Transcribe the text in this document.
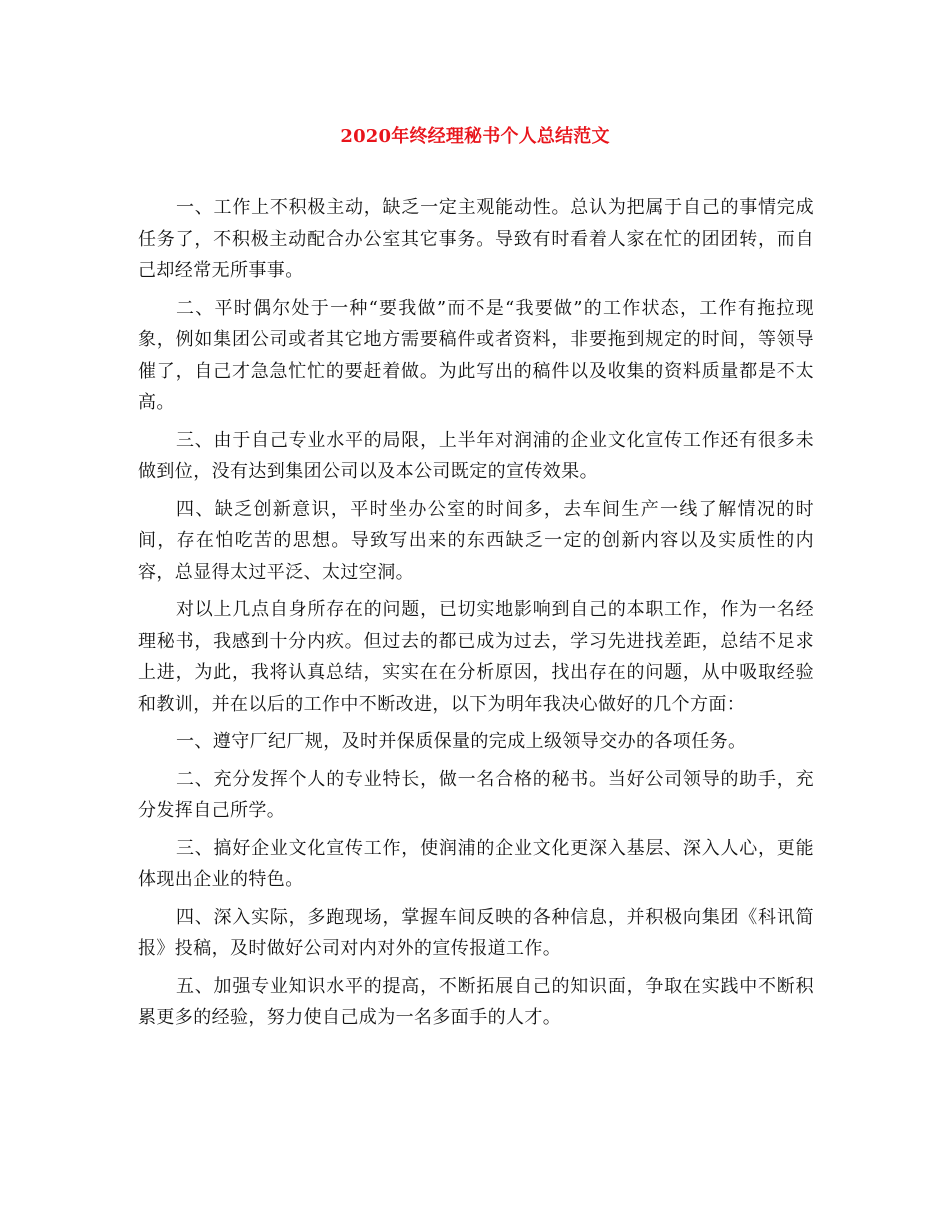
2020年终经理秘书个人总结范文

一、工作上不积极主动，缺乏一定主观能动性。总认为把属于自己的事情完成任务了，不积极主动配合办公室其它事务。导致有时看着人家在忙的团团转，而自己却经常无所事事。

二、平时偶尔处于一种“要我做”而不是“我要做”的工作状态，工作有拖拉现象，例如集团公司或者其它地方需要稿件或者资料，非要拖到规定的时间，等领导催了，自己才急急忙忙的要赶着做。为此写出的稿件以及收集的资料质量都是不太高。

三、由于自己专业水平的局限，上半年对润浦的企业文化宣传工作还有很多未做到位，没有达到集团公司以及本公司既定的宣传效果。

四、缺乏创新意识，平时坐办公室的时间多，去车间生产一线了解情况的时间，存在怕吃苦的思想。导致写出来的东西缺乏一定的创新内容以及实质性的内容，总显得太过平泛、太过空洞。

对以上几点自身所存在的问题，已切实地影响到自己的本职工作，作为一名经理秘书，我感到十分内疚。但过去的都已成为过去，学习先进找差距，总结不足求上进，为此，我将认真总结，实实在在分析原因，找出存在的问题，从中吸取经验和教训，并在以后的工作中不断改进，以下为明年我决心做好的几个方面：

一、遵守厂纪厂规，及时并保质保量的完成上级领导交办的各项任务。

二、充分发挥个人的专业特长，做一名合格的秘书。当好公司领导的助手，充分发挥自己所学。

三、搞好企业文化宣传工作，使润浦的企业文化更深入基层、深入人心，更能体现出企业的特色。

四、深入实际，多跑现场，掌握车间反映的各种信息，并积极向集团《科讯简报》投稿，及时做好公司对内对外的宣传报道工作。

五、加强专业知识水平的提高，不断拓展自己的知识面，争取在实践中不断积累更多的经验，努力使自己成为一名多面手的人才。
